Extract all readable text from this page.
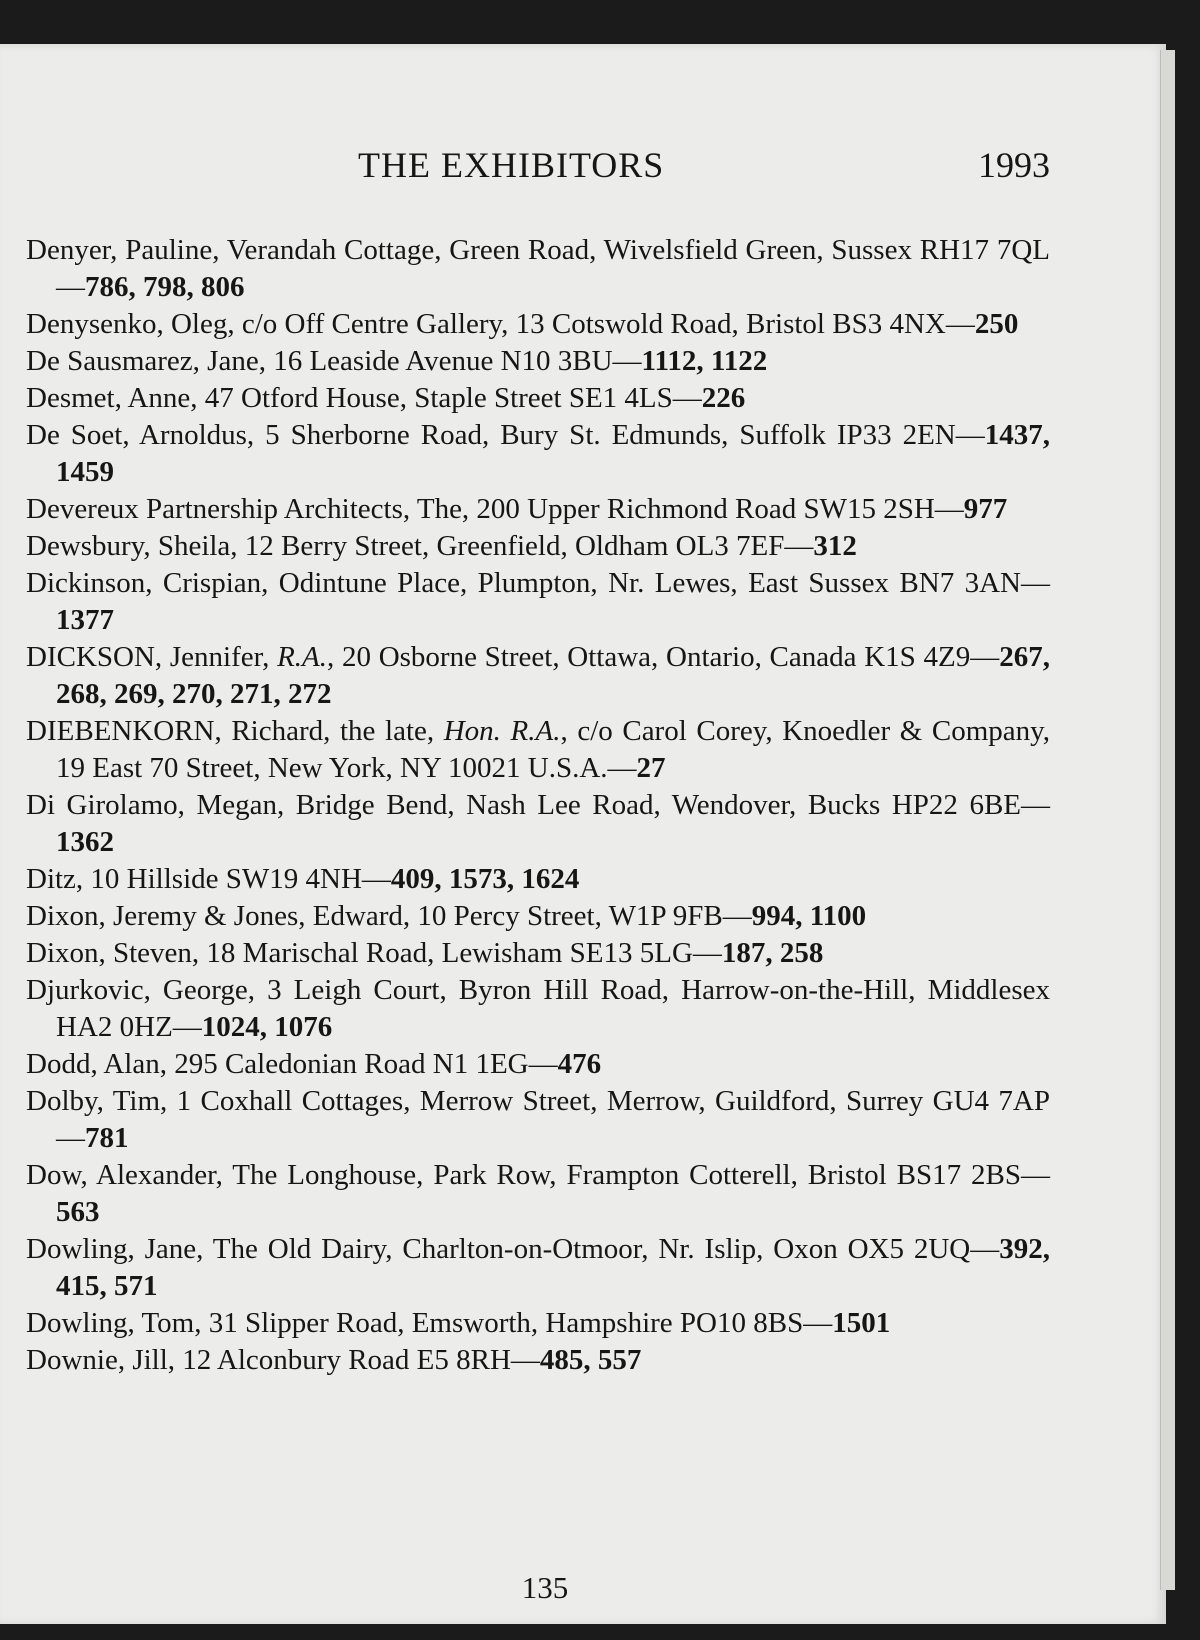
THE EXHIBITORS	1993

Denyer, Pauline, Verandah Cottage, Green Road, Wivelsfield Green, Sussex RH17 7QL—786, 798, 806

Denysenko, Oleg, c/o Off Centre Gallery, 13 Cotswold Road, Bristol BS3 4NX—250

De Sausmarez, Jane, 16 Leaside Avenue N10 3BU—1112, 1122

Desmet, Anne, 47 Otford House, Staple Street SE1 4LS—226

De Soet, Arnoldus, 5 Sherborne Road, Bury St. Edmunds, Suffolk IP33 2EN—1437, 1459

Devereux Partnership Architects, The, 200 Upper Richmond Road SW15 2SH—977

Dewsbury, Sheila, 12 Berry Street, Greenfield, Oldham OL3 7EF—312

Dickinson, Crispian, Odintune Place, Plumpton, Nr. Lewes, East Sussex BN7 3AN—1377

DICKSON, Jennifer, R.A., 20 Osborne Street, Ottawa, Ontario, Canada K1S 4Z9—267, 268, 269, 270, 271, 272

DIEBENKORN, Richard, the late, Hon. R.A., c/o Carol Corey, Knoedler & Company, 19 East 70 Street, New York, NY 10021 U.S.A.—27

Di Girolamo, Megan, Bridge Bend, Nash Lee Road, Wendover, Bucks HP22 6BE—1362

Ditz, 10 Hillside SW19 4NH—409, 1573, 1624

Dixon, Jeremy & Jones, Edward, 10 Percy Street, W1P 9FB—994, 1100

Dixon, Steven, 18 Marischal Road, Lewisham SE13 5LG—187, 258

Djurkovic, George, 3 Leigh Court, Byron Hill Road, Harrow-on-the-Hill, Middlesex HA2 0HZ—1024, 1076

Dodd, Alan, 295 Caledonian Road N1 1EG—476

Dolby, Tim, 1 Coxhall Cottages, Merrow Street, Merrow, Guildford, Surrey GU4 7AP—781

Dow, Alexander, The Longhouse, Park Row, Frampton Cotterell, Bristol BS17 2BS—563

Dowling, Jane, The Old Dairy, Charlton-on-Otmoor, Nr. Islip, Oxon OX5 2UQ—392, 415, 571

Dowling, Tom, 31 Slipper Road, Emsworth, Hampshire PO10 8BS—1501

Downie, Jill, 12 Alconbury Road E5 8RH—485, 557

135
